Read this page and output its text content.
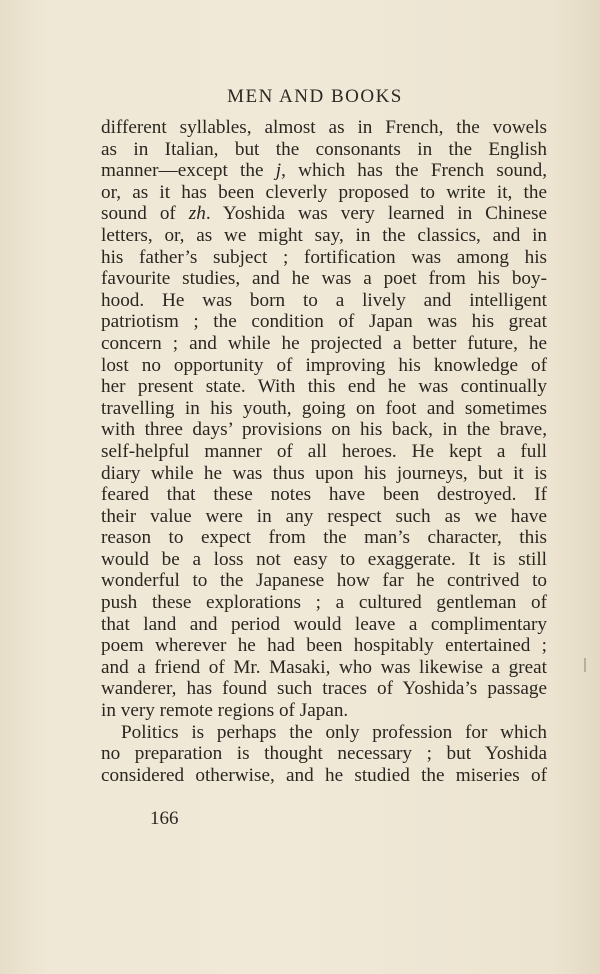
MEN AND BOOKS
different syllables, almost as in French, the vowels
as in Italian, but the consonants in the English
manner—except the j, which has the French sound,
or, as it has been cleverly proposed to write it, the
sound of zh. Yoshida was very learned in Chinese
letters, or, as we might say, in the classics, and in
his father’s subject ; fortification was among his
favourite studies, and he was a poet from his boy-
hood. He was born to a lively and intelligent
patriotism ; the condition of Japan was his great
concern ; and while he projected a better future, he
lost no opportunity of improving his knowledge of
her present state. With this end he was continually
travelling in his youth, going on foot and sometimes
with three days’ provisions on his back, in the brave,
self-helpful manner of all heroes. He kept a full
diary while he was thus upon his journeys, but it is
feared that these notes have been destroyed. If
their value were in any respect such as we have
reason to expect from the man’s character, this
would be a loss not easy to exaggerate. It is still
wonderful to the Japanese how far he contrived to
push these explorations ; a cultured gentleman of
that land and period would leave a complimentary
poem wherever he had been hospitably entertained ;
and a friend of Mr. Masaki, who was likewise a great
wanderer, has found such traces of Yoshida’s passage
in very remote regions of Japan.
Politics is perhaps the only profession for which
no preparation is thought necessary ; but Yoshida
considered otherwise, and he studied the miseries of
166
